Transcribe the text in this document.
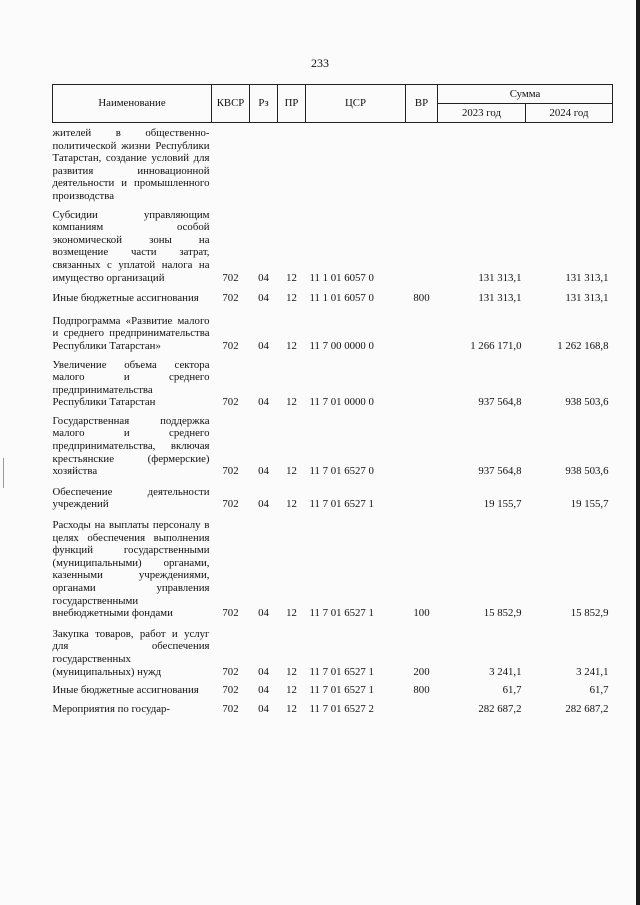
233
Наименование	КВСР	Рз	ПР	ЦСР	ВР	Сумма	
						2023 год	2024 год
жителей в общественно-политической жизни Республики Татарстан, создание условий для развития инновационной деятельности и промышленного производства							
Субсидии управляющим компаниям особой экономической зоны на возмещение части затрат, связанных с уплатой налога на имущество организаций	702	04	12	11 1 01 6057 0		131 313,1	131 313,1
Иные бюджетные ассигнования	702	04	12	11 1 01 6057 0	800	131 313,1	131 313,1
Подпрограмма «Развитие малого и среднего предпринимательства Республики Татарстан»	702	04	12	11 7 00 0000 0		1 266 171,0	1 262 168,8
Увеличение объема сектора малого и среднего предпринимательства Республики Татарстан	702	04	12	11 7 01 0000 0		937 564,8	938 503,6
Государственная поддержка малого и среднего предпринимательства, включая крестьянские (фермерские) хозяйства	702	04	12	11 7 01 6527 0		937 564,8	938 503,6
Обеспечение деятельности учреждений	702	04	12	11 7 01 6527 1		19 155,7	19 155,7
Расходы на выплаты персоналу в целях обеспечения выполнения функций государственными (муниципальными) органами, казенными учреждениями, органами управления государственными внебюджетными фондами	702	04	12	11 7 01 6527 1	100	15 852,9	15 852,9
Закупка товаров, работ и услуг для обеспечения государственных (муниципальных) нужд	702	04	12	11 7 01 6527 1	200	3 241,1	3 241,1
Иные бюджетные ассигнования	702	04	12	11 7 01 6527 1	800	61,7	61,7
Мероприятия по государ-	702	04	12	11 7 01 6527 2		282 687,2	282 687,2
